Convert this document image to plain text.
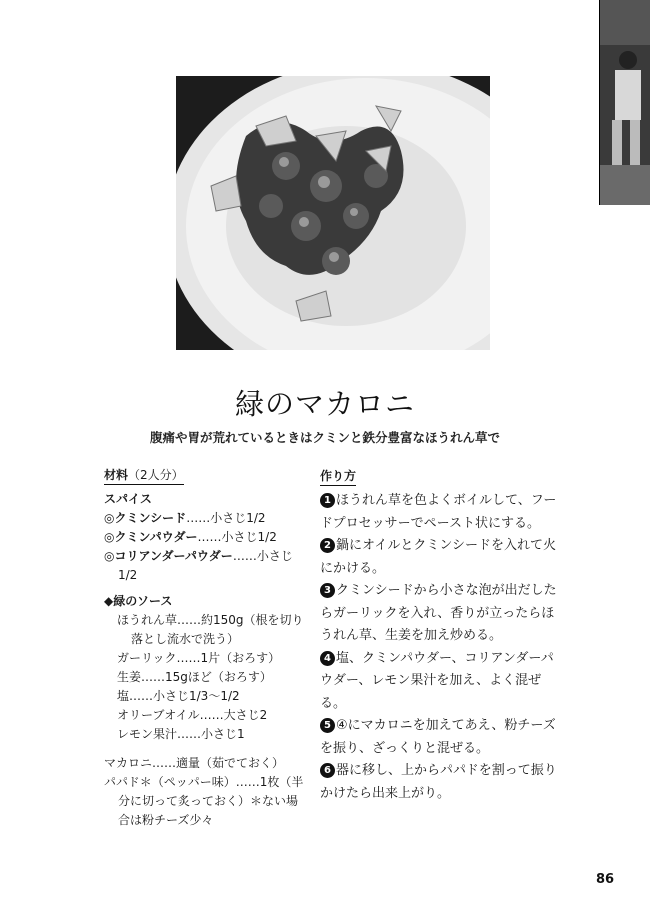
緑のマカロニ
腹痛や胃が荒れているときはクミンと鉄分豊富なほうれん草で
材料（2人分）
スパイス
◎クミンシード……小さじ1/2
◎クミンパウダー……小さじ1/2
◎コリアンダーパウダー……小さじ1/2
◆緑のソース
ほうれん草……約150g（根を切り落とし流水で洗う）
ガーリック……1片（おろす）
生姜……15gほど（おろす）
塩……小さじ1/3〜1/2
オリーブオイル……大さじ2
レモン果汁……小さじ1
マカロニ……適量（茹でておく）
パパド＊（ペッパー味）……1枚（半分に切って炙っておく）＊ない場合は粉チーズ少々
作り方
1 ほうれん草を色よくボイルして、フードプロセッサーでペースト状にする。
2 鍋にオイルとクミンシードを入れて火にかける。
3 クミンシードから小さな泡が出だしたらガーリックを入れ、香りが立ったらほうれん草、生姜を加え炒める。
4 塩、クミンパウダー、コリアンダーパウダー、レモン果汁を加え、よく混ぜる。
5 ④にマカロニを加えてあえ、粉チーズを振り、ざっくりと混ぜる。
6 器に移し、上からパパドを割って振りかけたら出来上がり。
86
